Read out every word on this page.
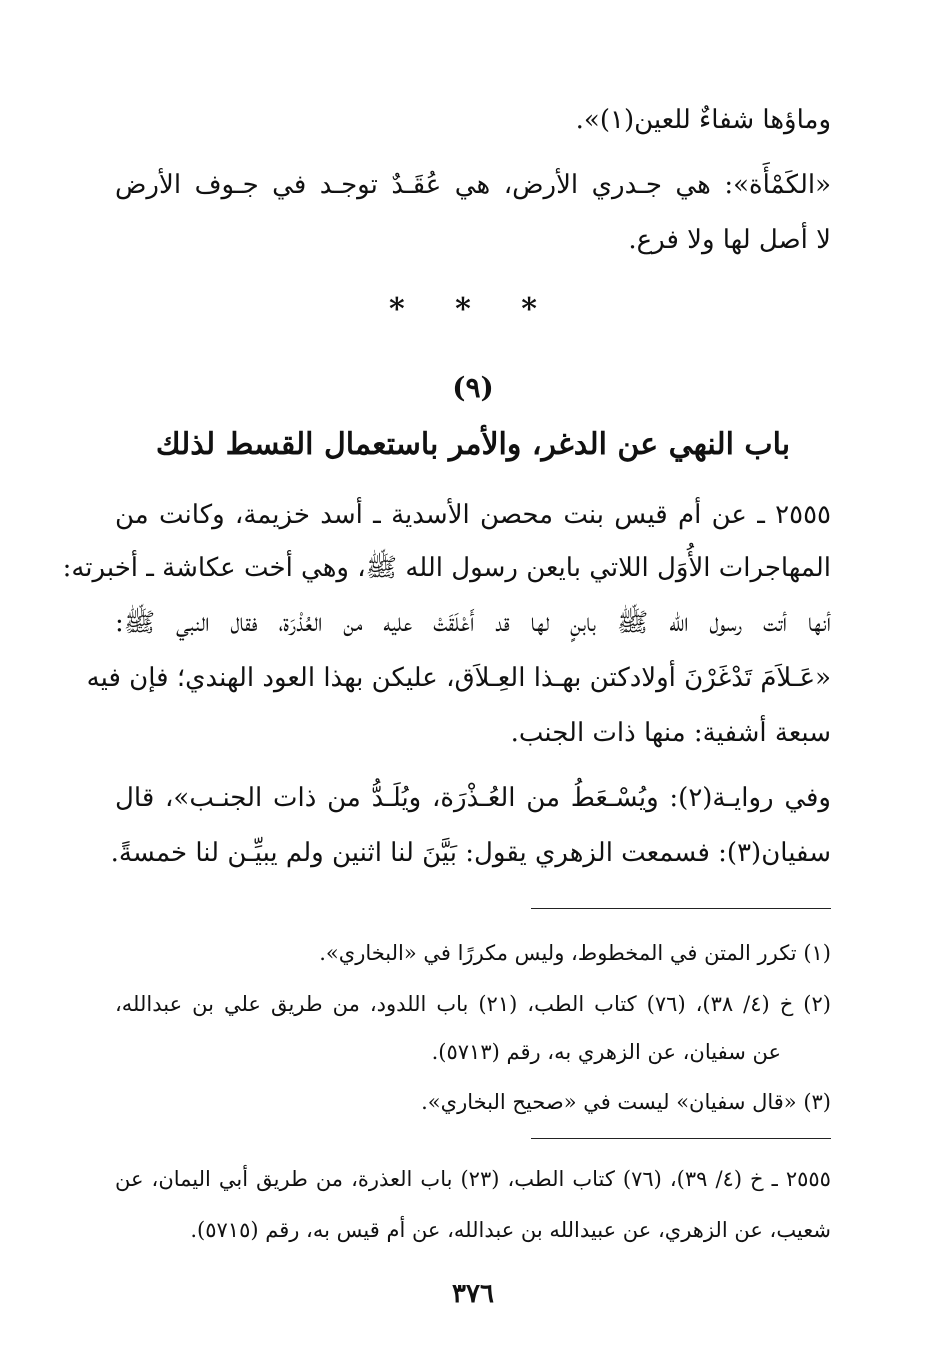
وماؤها شفاءٌ للعين(١)».
«الكَمْأَة»: هي جـدري الأرض، هي عُقَـدٌ توجـد في جـوف الأرض
لا أصل لها ولا فرع.
* * *
(٩)
باب النهي عن الدغر، والأمر باستعمال القسط لذلك
٢٥٥٥ ـ عن أم قيس بنت محصن الأسدية ـ أسد خزيمة، وكانت من
المهاجرات الأُوَل اللاتي بايعن رسول الله ﷺ، وهي أخت عكاشة ـ أخبرته:
أنها أتت رسول الله ﷺ بابنٍ لها قد أَعْلَقَتْ عليه من العُذْرَة، فقال النبي ﷺ:
«عَـلاَمَ تَدْغَرْنَ أولادكتن بهـذا العِـلاَق، عليكن بهذا العود الهندي؛ فإن فيه
سبعة أشفية: منها ذات الجنب.
وفي روايـة(٢): ويُسْـعَطُ من العُـذْرَة، ويُلَـدُّ من ذات الجنـب»، قال
سفيان(٣): فسمعت الزهري يقول: بَيَّنَ لنا اثنين ولم يبيِّـن لنا خمسةً.
(١) تكرر المتن في المخطوط، وليس مكررًا في «البخاري».
(٢) خ (٤/ ٣٨)، (٧٦) كتاب الطب، (٢١) باب اللدود، من طريق علي بن عبدالله،
عن سفيان، عن الزهري به، رقم (٥٧١٣).
(٣) «قال سفيان» ليست في «صحيح البخاري».
٢٥٥٥ ـ خ (٤/ ٣٩)، (٧٦) كتاب الطب، (٢٣) باب العذرة، من طريق أبي اليمان، عن
شعيب، عن الزهري، عن عبيدالله بن عبدالله، عن أم قيس به، رقم (٥٧١٥).
٣٧٦
